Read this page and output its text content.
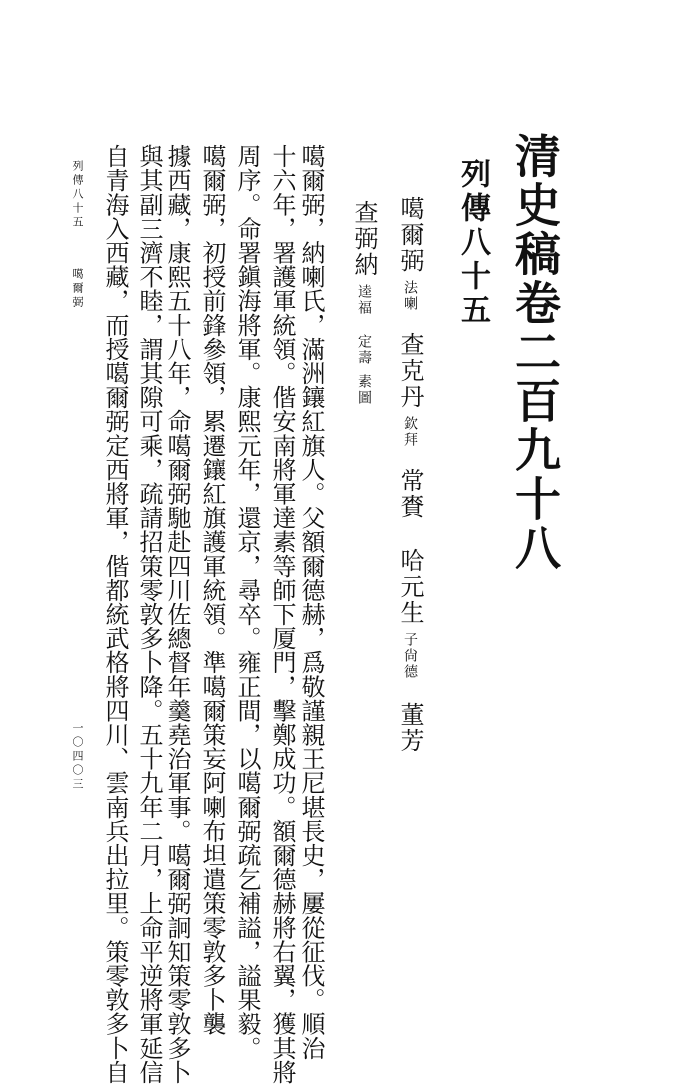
清史稿卷二百九十八
列傳八十五
噶爾弼法喇查克丹欽拜常賚哈元生子尙德董芳
查弼納逵福定壽素圖

噶爾弼，納喇氏，滿洲鑲紅旗人。父額爾德赫，爲敬謹親王尼堪長史，屢從征伐。順治

十六年，署護軍統領。偕安南將軍達素等師下厦門，擊鄭成功。額爾德赫將右翼，獲其將

周序。命署鎭海將軍。康熙元年，還京，尋卒。雍正間，以噶爾弼疏乞補謚，謚果毅。

噶爾弼，初授前鋒參領，累遷鑲紅旗護軍統領。準噶爾策妄阿喇布坦遣策零敦多卜襲

據西藏，康熙五十八年，命噶爾弼馳赴四川佐總督年羹堯治軍事。噶爾弼詗知策零敦多卜

與其副三濟不睦，謂其隙可乘，疏請招策零敦多卜降。五十九年二月，上命平逆將軍延信

自青海入西藏，而授噶爾弼定西將軍，偕都統武格將四川、雲南兵出拉里。策零敦多卜自

列傳八十五噶爾弼
一〇四〇三
